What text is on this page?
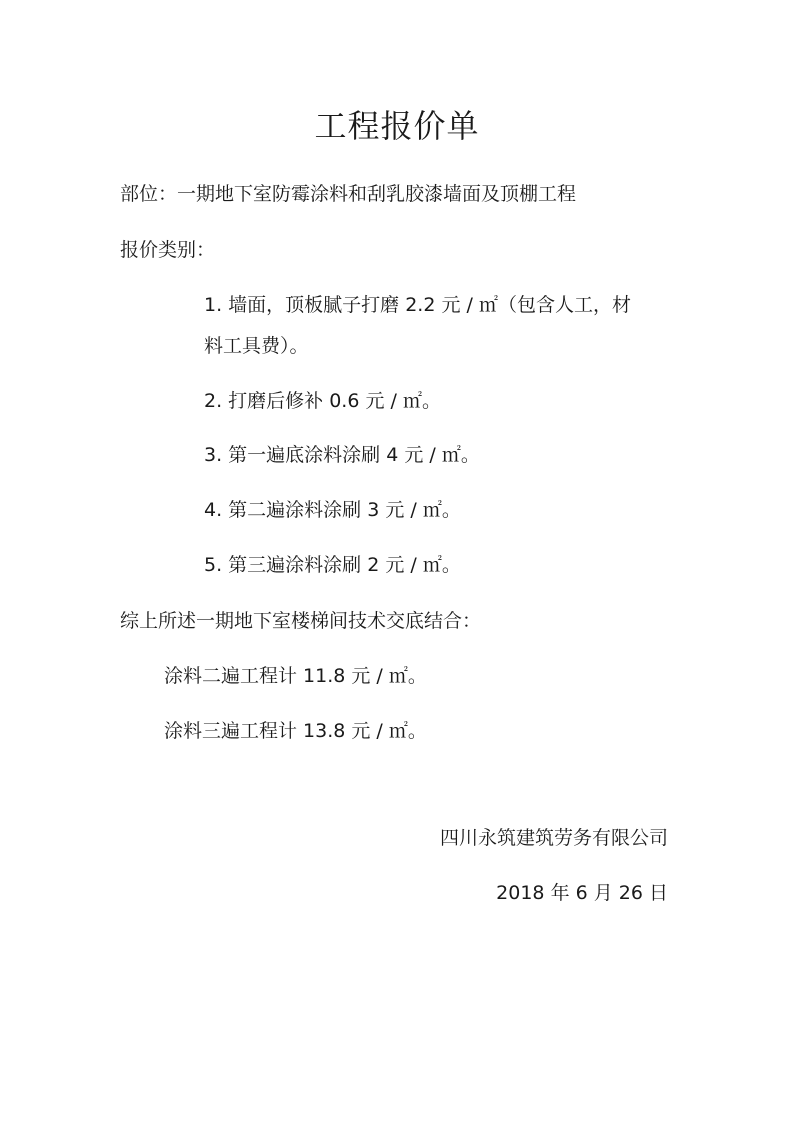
工程报价单
部位：一期地下室防霉涂料和刮乳胶漆墙面及顶棚工程
报价类别：
1. 墙面，顶板腻子打磨 2.2 元 / ㎡（包含人工，材
料工具费）。
2. 打磨后修补 0.6 元 / ㎡。
3. 第一遍底涂料涂刷 4 元 / ㎡。
4. 第二遍涂料涂刷 3 元 / ㎡。
5. 第三遍涂料涂刷 2 元 / ㎡。
综上所述一期地下室楼梯间技术交底结合：
涂料二遍工程计 11.8 元 / ㎡。
涂料三遍工程计 13.8 元 / ㎡。
四川永筑建筑劳务有限公司
2018 年 6 月 26 日
